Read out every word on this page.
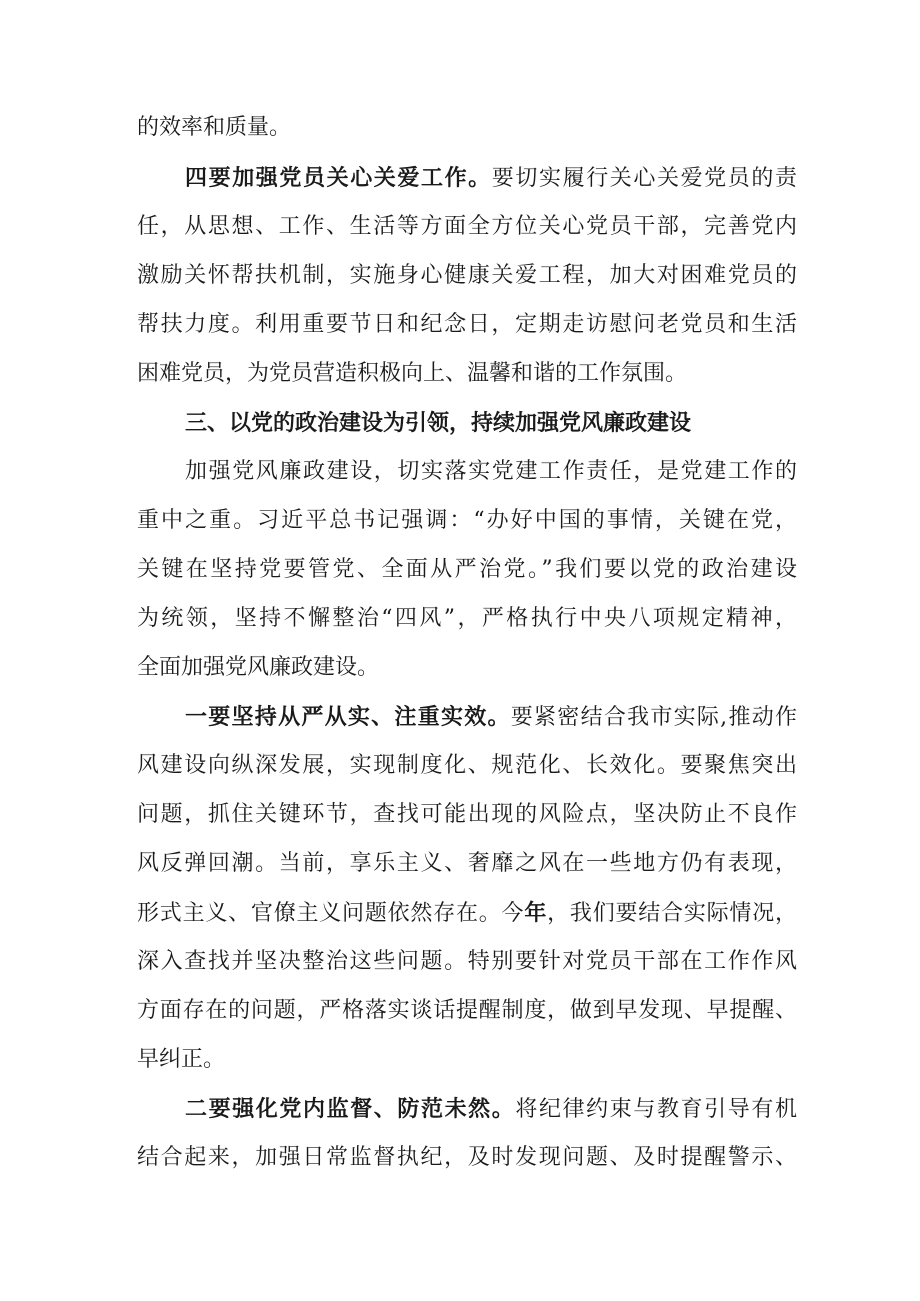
的效率和质量。
四要加强党员关心关爱工作。要切实履行关心关爱党员的责
任，从思想、工作、生活等方面全方位关心党员干部，完善党内
激励关怀帮扶机制，实施身心健康关爱工程，加大对困难党员的
帮扶力度。利用重要节日和纪念日，定期走访慰问老党员和生活
困难党员，为党员营造积极向上、温馨和谐的工作氛围。
三、以党的政治建设为引领，持续加强党风廉政建设
加强党风廉政建设，切实落实党建工作责任，是党建工作的
重中之重。习近平总书记强调：“办好中国的事情，关键在党，
关键在坚持党要管党、全面从严治党。”我们要以党的政治建设
为统领，坚持不懈整治“四风”，严格执行中央八项规定精神，
全面加强党风廉政建设。
一要坚持从严从实、注重实效。要紧密结合我市实际,推动作
风建设向纵深发展，实现制度化、规范化、长效化。要聚焦突出
问题，抓住关键环节，查找可能出现的风险点，坚决防止不良作
风反弹回潮。当前，享乐主义、奢靡之风在一些地方仍有表现，
形式主义、官僚主义问题依然存在。今年，我们要结合实际情况，
深入查找并坚决整治这些问题。特别要针对党员干部在工作作风
方面存在的问题，严格落实谈话提醒制度，做到早发现、早提醒、
早纠正。
二要强化党内监督、防范未然。将纪律约束与教育引导有机
结合起来，加强日常监督执纪，及时发现问题、及时提醒警示、
